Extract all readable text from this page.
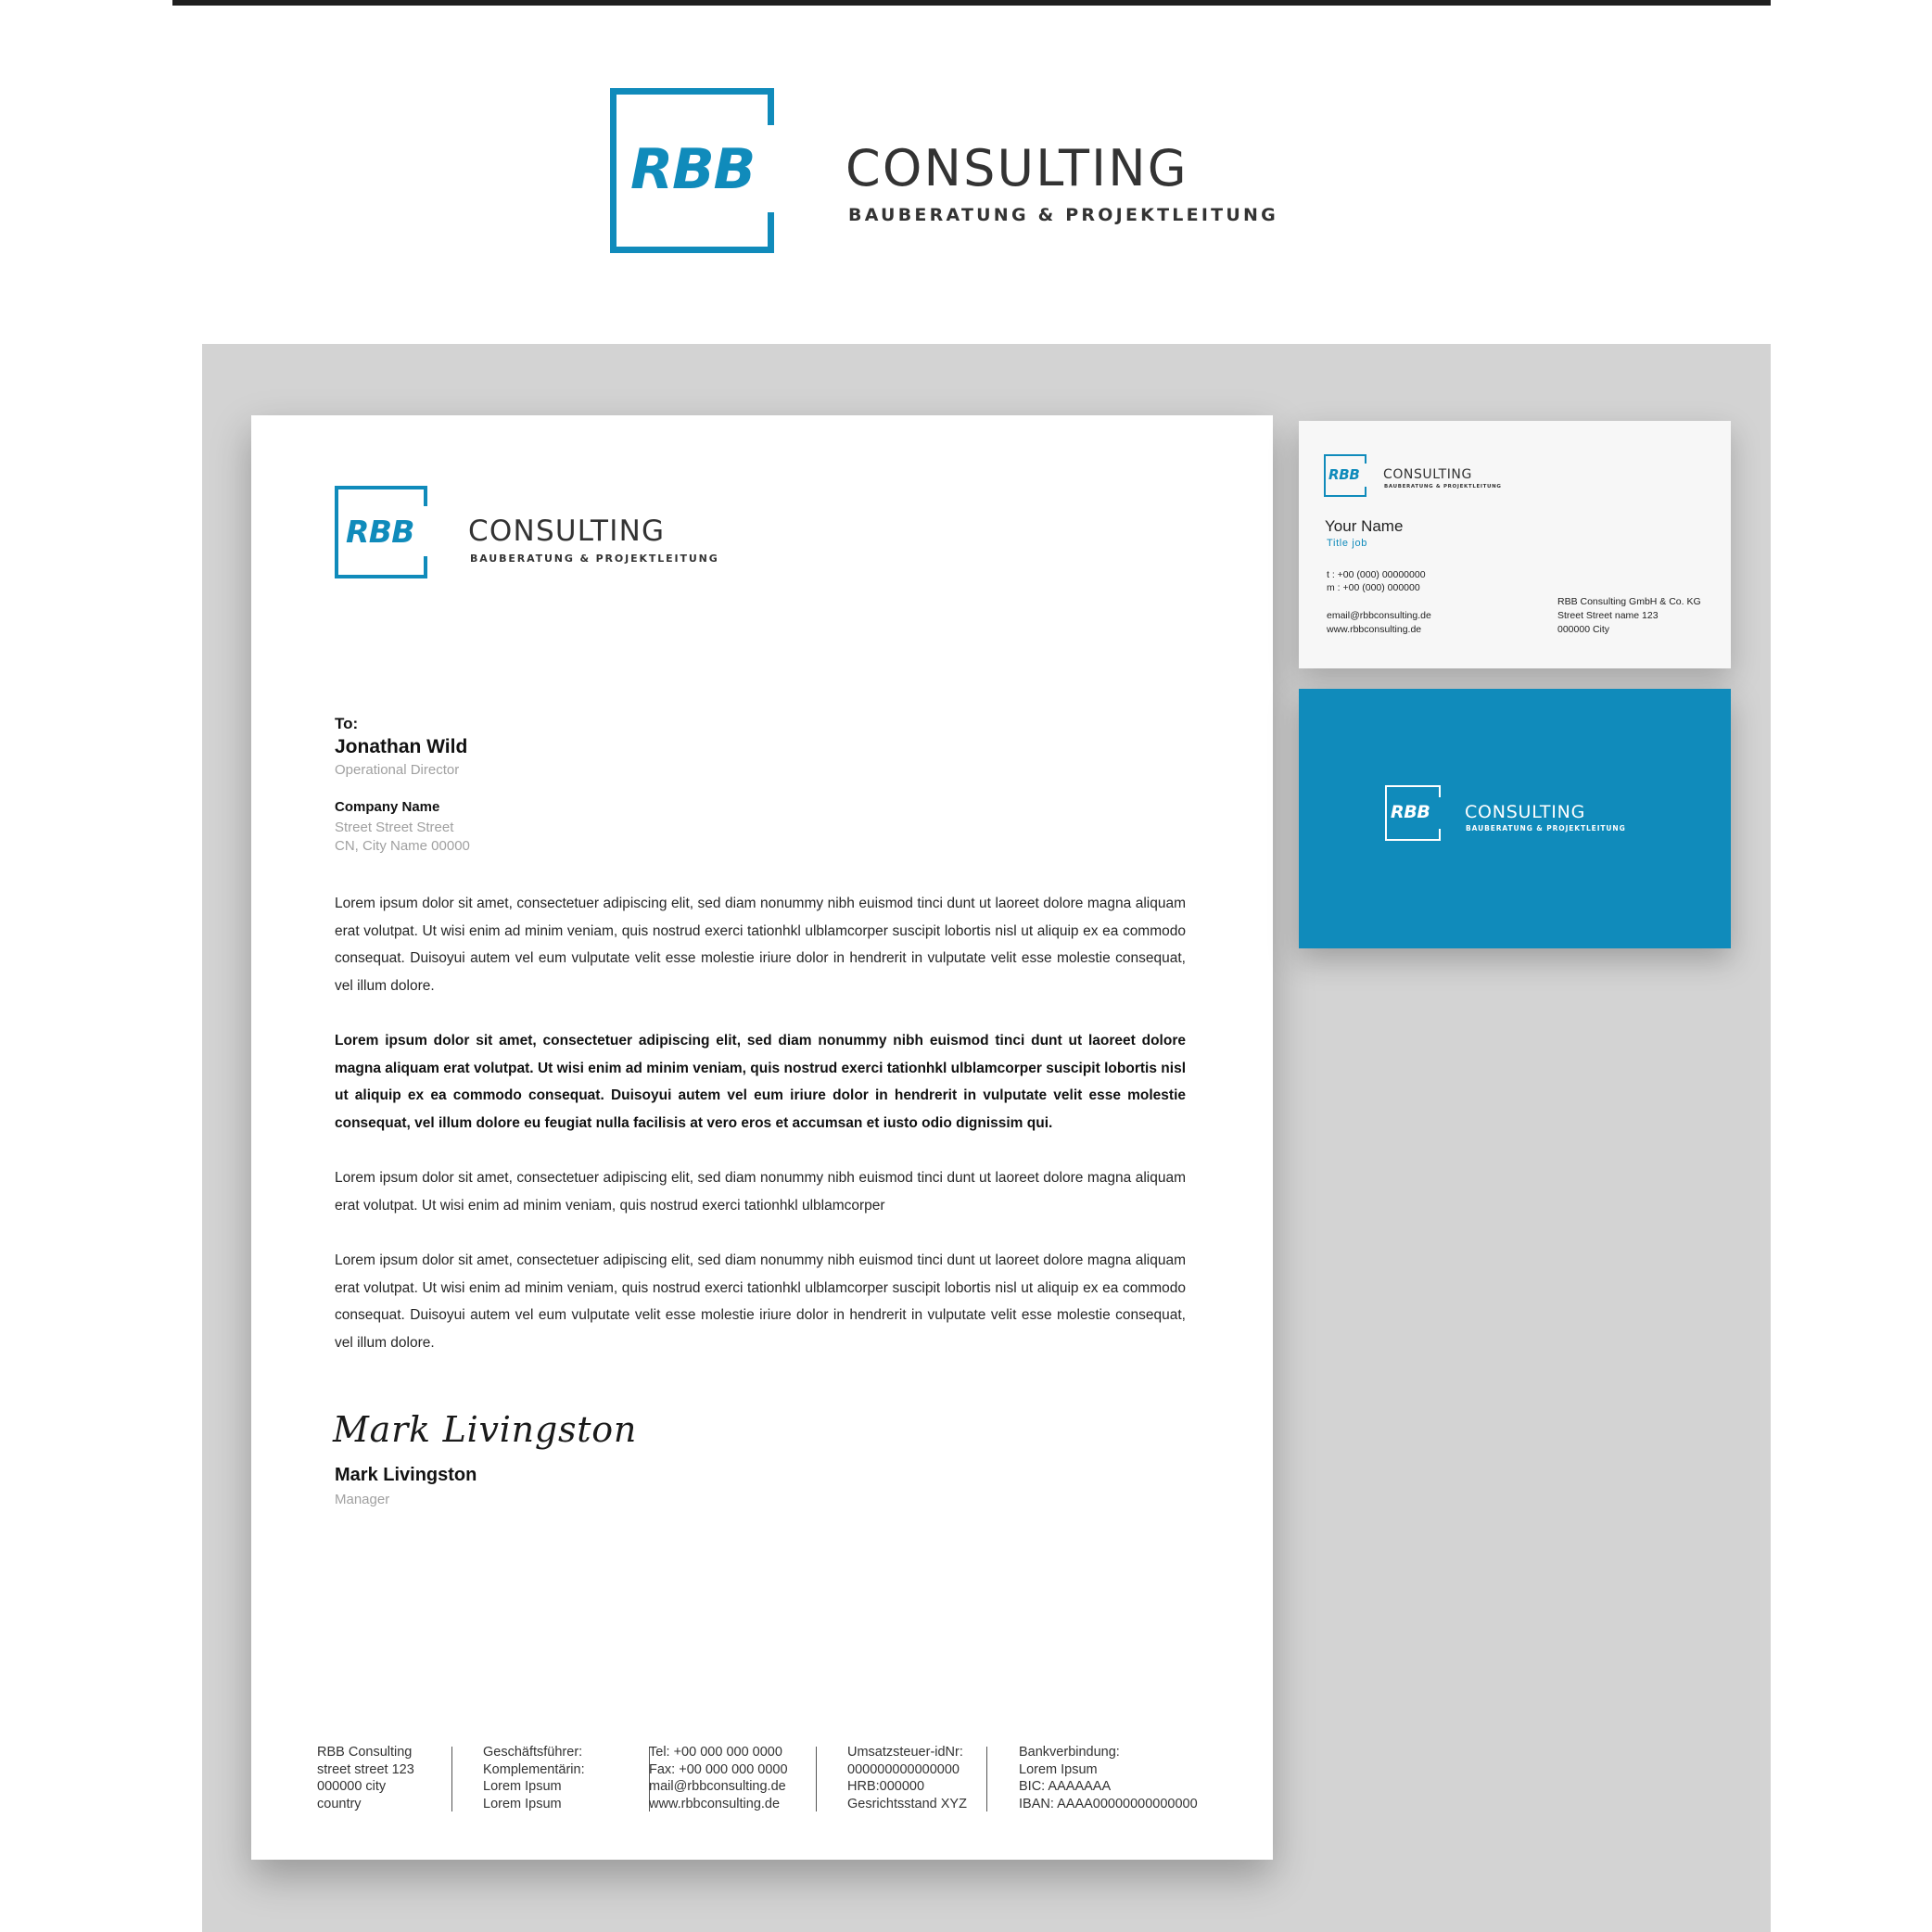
RBB CONSULTING
BAUBERATUNG & PROJEKTLEITUNG
RBB CONSULTING
BAUBERATUNG & PROJEKTLEITUNG
To:
Jonathan Wild
Operational Director
Company Name
Street Street Street
CN, City Name 00000

Lorem ipsum dolor sit amet, consectetuer adipiscing elit, sed diam nonummy nibh euismod tinci dunt ut laoreet dolore magna aliquam erat volutpat. Ut wisi enim ad minim veniam, quis nostrud exerci tationhkl ulblamcorper suscipit lobortis nisl ut aliquip ex ea commodo consequat. Duisoyui autem vel eum vulputate velit esse molestie iriure dolor in hendrerit in vulputate velit esse molestie consequat, vel illum dolore.

Lorem ipsum dolor sit amet, consectetuer adipiscing elit, sed diam nonummy nibh euismod tinci dunt ut laoreet dolore magna aliquam erat volutpat. Ut wisi enim ad minim veniam, quis nostrud exerci tationhkl ulblamcorper suscipit lobortis nisl ut aliquip ex ea commodo consequat. Duisoyui autem vel eum iriure dolor in hendrerit in vulputate velit esse molestie consequat, vel illum dolore eu feugiat nulla facilisis at vero eros et accumsan et iusto odio dignissim qui.

Lorem ipsum dolor sit amet, consectetuer adipiscing elit, sed diam nonummy nibh euismod tinci dunt ut laoreet dolore magna aliquam erat volutpat. Ut wisi enim ad minim veniam, quis nostrud exerci tationhkl ulblamcorper

Lorem ipsum dolor sit amet, consectetuer adipiscing elit, sed diam nonummy nibh euismod tinci dunt ut laoreet dolore magna aliquam erat volutpat. Ut wisi enim ad minim veniam, quis nostrud exerci tationhkl ulblamcorper suscipit lobortis nisl ut aliquip ex ea commodo consequat. Duisoyui autem vel eum vulputate velit esse molestie iriure dolor in hendrerit in vulputate velit esse molestie consequat, vel illum dolore.

Mark Livingston
Mark Livingston
Manager
RBB Consulting
street street 123
000000 city
country
Geschäftsführer:
Komplementärin:
Lorem Ipsum
Lorem Ipsum
Tel: +00 000 000 0000
Fax: +00 000 000 0000
mail@rbbconsulting.de
www.rbbconsulting.de
Umsatzsteuer-idNr:
000000000000000
HRB:000000
Gesrichtsstand XYZ
Bankverbindung:
Lorem Ipsum
BIC: AAAAAAA
IBAN: AAAA00000000000000
RBB CONSULTING
BAUBERATUNG & PROJEKTLEITUNG
Your Name
Title job
t : +00 (000) 00000000
m : +00 (000) 000000
email@rbbconsulting.de
www.rbbconsulting.de
RBB Consulting GmbH & Co. KG
Street Street name 123
000000 City
RBB CONSULTING
BAUBERATUNG & PROJEKTLEITUNG
